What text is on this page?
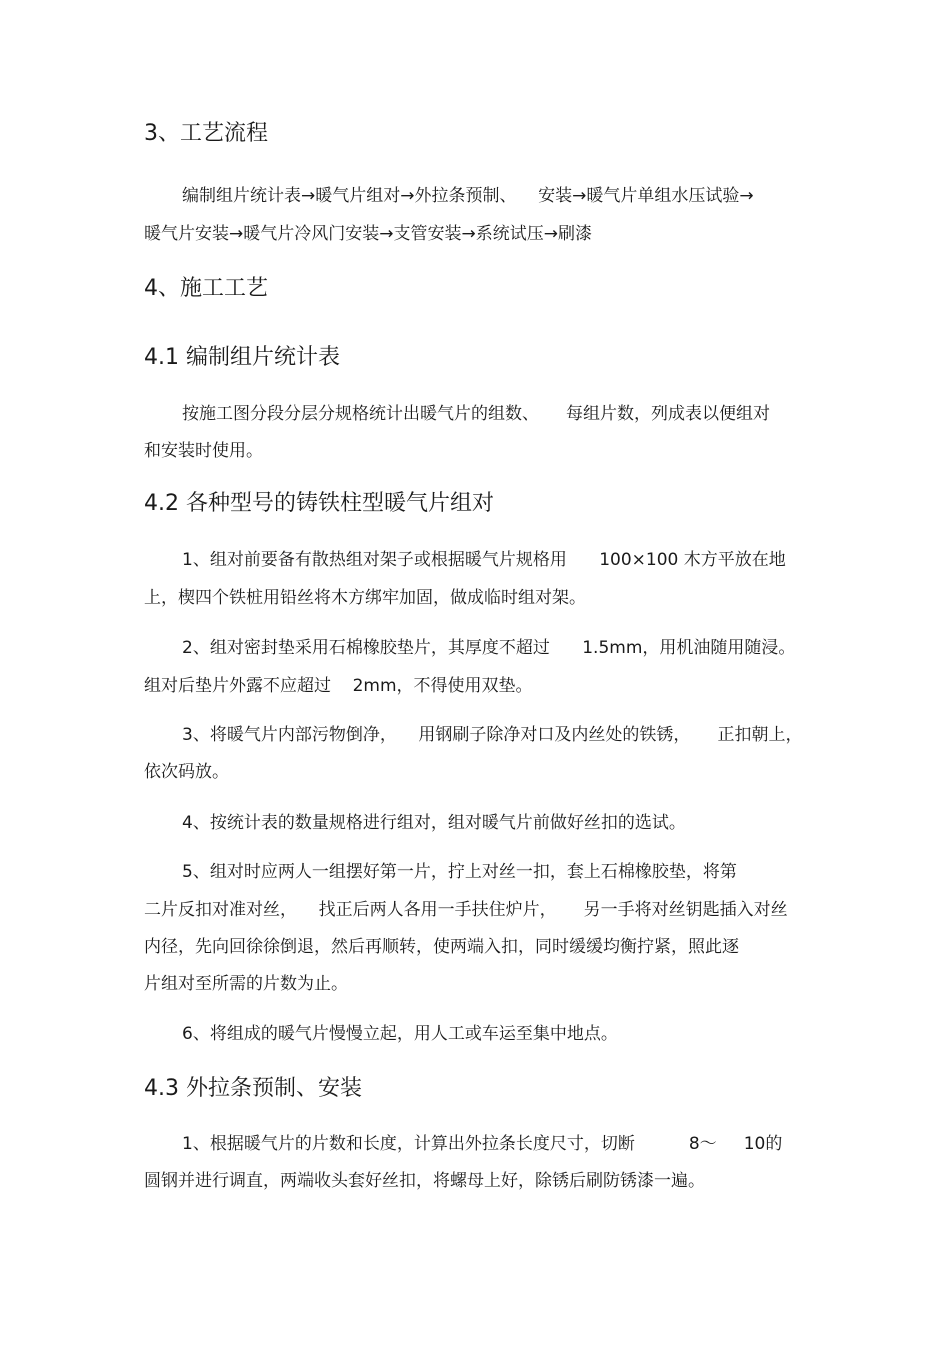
3、工艺流程
编制组片统计表→暖气片组对→外拉条预制、    安装→暖气片单组水压试验→
暖气片安装→暖气片冷风门安装→支管安装→系统试压→刷漆
4、施工工艺
4.1 编制组片统计表
按施工图分段分层分规格统计出暖气片的组数、     每组片数，列成表以便组对
和安装时使用。
4.2 各种型号的铸铁柱型暖气片组对
1、组对前要备有散热组对架子或根据暖气片规格用      100×100 木方平放在地
上，楔四个铁桩用铅丝将木方绑牢加固，做成临时组对架。
2、组对密封垫采用石棉橡胶垫片，其厚度不超过      1.5mm，用机油随用随浸。
组对后垫片外露不应超过    2mm，不得使用双垫。
3、将暖气片内部污物倒净，    用钢刷子除净对口及内丝处的铁锈，     正扣朝上，
依次码放。
4、按统计表的数量规格进行组对，组对暖气片前做好丝扣的选试。
5、组对时应两人一组摆好第一片，拧上对丝一扣，套上石棉橡胶垫，将第
二片反扣对准对丝，    找正后两人各用一手扶住炉片，     另一手将对丝钥匙插入对丝
内径，先向回徐徐倒退，然后再顺转，使两端入扣，同时缓缓均衡拧紧，照此逐
片组对至所需的片数为止。
6、将组成的暖气片慢慢立起，用人工或车运至集中地点。
4.3 外拉条预制、安装
1、根据暖气片的片数和长度，计算出外拉条长度尺寸，切断          8～     10的
圆钢并进行调直，两端收头套好丝扣，将螺母上好，除锈后刷防锈漆一遍。
